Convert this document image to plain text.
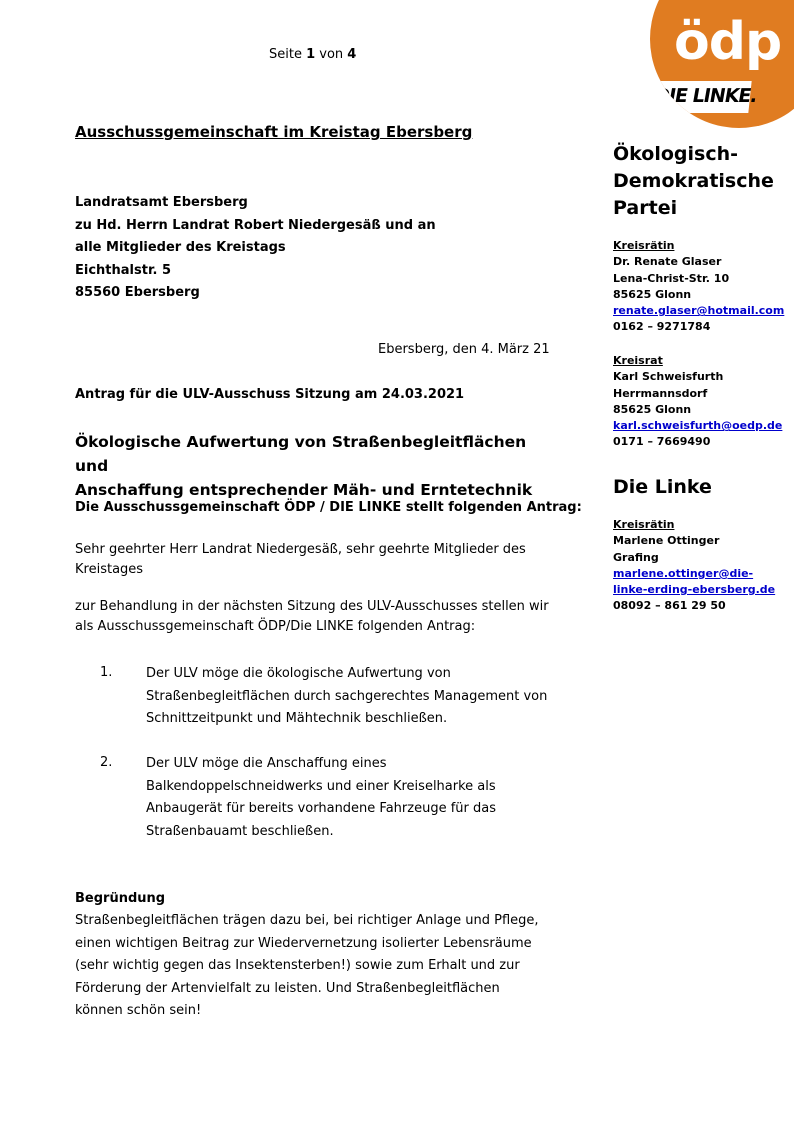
Seite 1 von 4	ödp
DIE LINKE.
Ausschussgemeinschaft im Kreistag Ebersberg
Landratsamt Ebersberg
zu Hd. Herrn Landrat Robert Niedergesäß und an
alle Mitglieder des Kreistags
Eichthalstr. 5
85560 Ebersberg
Ebersberg, den 4. März 21
Antrag für die ULV-Ausschuss Sitzung am 24.03.2021
Ökologische Aufwertung von Straßenbegleitflächen und
Anschaffung entsprechender Mäh- und Erntetechnik
Die Ausschussgemeinschaft ÖDP / DIE LINKE stellt folgenden Antrag:
Sehr geehrter Herr Landrat Niedergesäß, sehr geehrte Mitglieder des
Kreistages
zur Behandlung in der nächsten Sitzung des ULV-Ausschusses stellen wir
als Ausschussgemeinschaft ÖDP/Die LINKE folgenden Antrag:
1.	Der ULV möge die ökologische Aufwertung von
Straßenbegleitflächen durch sachgerechtes Management von
Schnittzeitpunkt und Mähtechnik beschließen.
2.	Der ULV möge die Anschaffung eines
Balkendoppelschneidwerks und einer Kreiselharke als
Anbaugerät für bereits vorhandene Fahrzeuge für das
Straßenbauamt beschließen.
Begründung
Straßenbegleitflächen trägen dazu bei, bei richtiger Anlage und Pflege,
einen wichtigen Beitrag zur Wiedervernetzung isolierter Lebensräume
(sehr wichtig gegen das Insektensterben!) sowie zum Erhalt und zur
Förderung der Artenvielfalt zu leisten. Und Straßenbegleitflächen
können schön sein!
Ökologisch-
Demokratische
Partei
Kreisrätin
Dr. Renate Glaser
Lena-Christ-Str. 10
85625 Glonn
renate.glaser@hotmail.com
0162 – 9271784
Kreisrat
Karl Schweisfurth
Herrmannsdorf
85625 Glonn
karl.schweisfurth@oedp.de
0171 – 7669490
Die Linke
Kreisrätin
Marlene Ottinger
Grafing
marlene.ottinger@die-
linke-erding-ebersberg.de
08092 – 861 29 50
